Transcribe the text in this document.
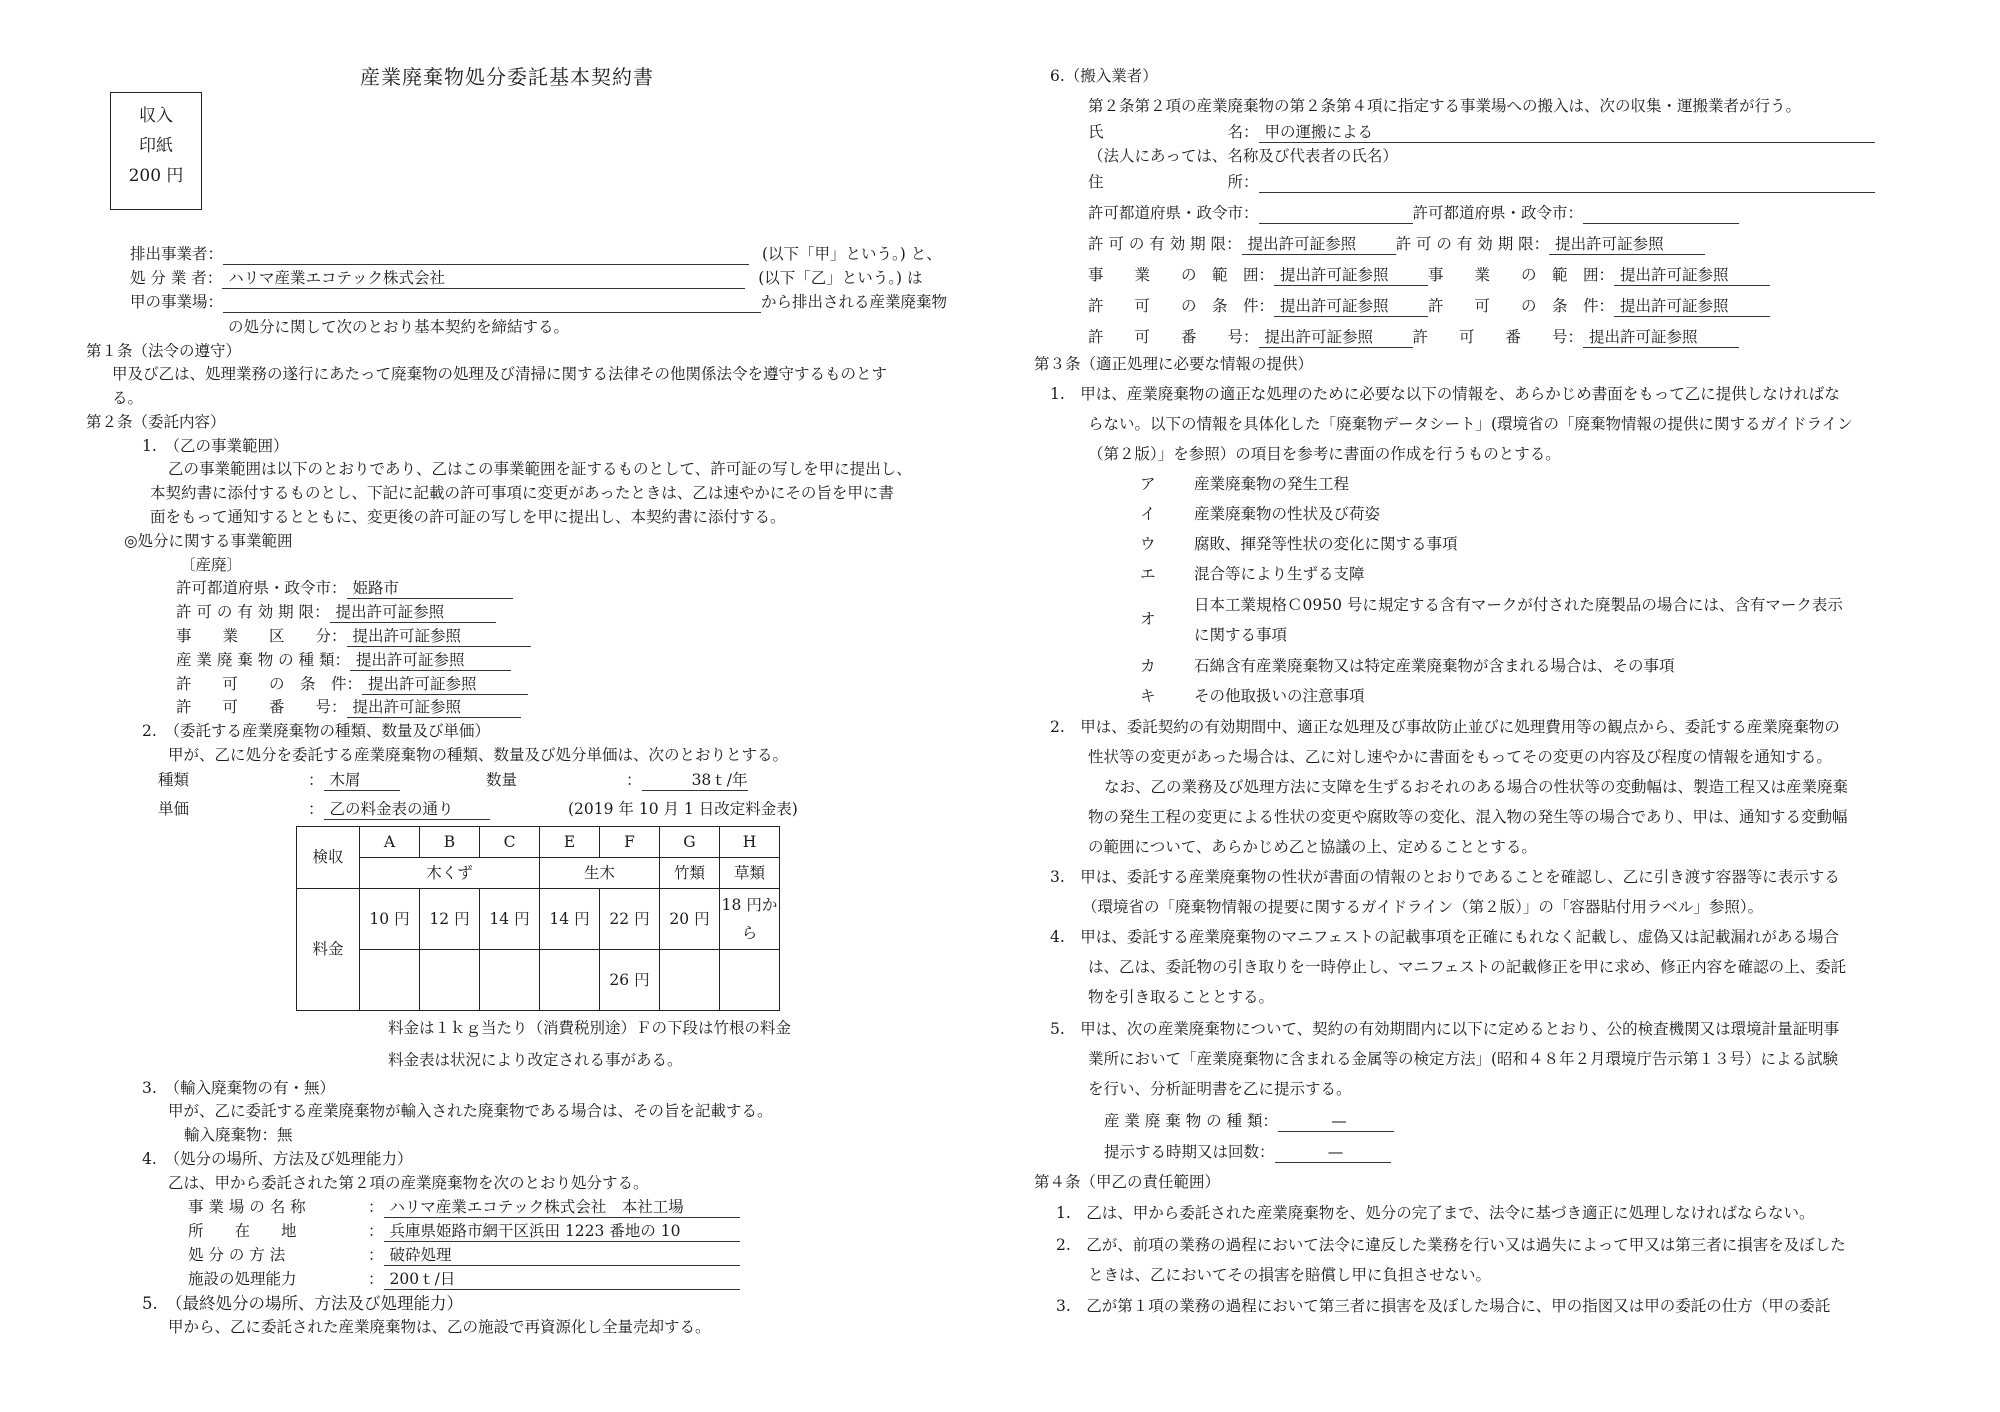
産業廃棄物処分委託基本契約書
収入
印紙
200 円
排出事業者：	(以下「甲」という。) と、
処 分 業 者： ハリマ産業エコテック株式会社	(以下「乙」という。) は
甲の事業場：	から排出される産業廃棄物
の処分に関して次のとおり基本契約を締結する。
第１条（法令の遵守）
甲及び乙は、処理業務の遂行にあたって廃棄物の処理及び清掃に関する法律その他関係法令を遵守するものとす
る。
第２条（委託内容）
1.　（乙の事業範囲）
乙の事業範囲は以下のとおりであり、乙はこの事業範囲を証するものとして、許可証の写しを甲に提出し、
本契約書に添付するものとし、下記に記載の許可事項に変更があったときは、乙は速やかにその旨を甲に書
面をもって通知するとともに、変更後の許可証の写しを甲に提出し、本契約書に添付する。
◎処分に関する事業範囲
〔産廃〕
許可都道府県・政令市： 姫路市
許 可 の 有 効 期 限： 提出許可証参照
事　　業　　区　　分： 提出許可証参照
産 業 廃 棄 物 の 種 類： 提出許可証参照
許　　可　　の　条　件： 提出許可証参照
許　　可　　番　　号： 提出許可証参照
2.　（委託する産業廃棄物の種類、数量及び単価）
甲が、乙に処分を委託する産業廃棄物の種類、数量及び処分単価は、次のとおりとする。
種類	： 木屑	数量	：	38ｔ/年
単価	： 乙の料金表の通り	(2019 年 10 月 1 日改定料金表)
検収	A	B	C	E	F	G	H
	木くず			生木		竹類	草類
料金	10 円	12 円	14 円	14 円	22 円	20 円	18 円から
					26 円		
料金は１ｋｇ当たり（消費税別途）Ｆの下段は竹根の料金
料金表は状況により改定される事がある。
3.　（輸入廃棄物の有・無）
甲が、乙に委託する産業廃棄物が輸入された廃棄物である場合は、その旨を記載する。
輸入廃棄物：無
4.　（処分の場所、方法及び処理能力）
乙は、甲から委託された第２項の産業廃棄物を次のとおり処分する。
事 業 場 の 名 称	： ハリマ産業エコテック株式会社　本社工場
所　　在　　地	： 兵庫県姫路市網干区浜田 1223 番地の 10
処 分 の 方 法	： 破砕処理
施設の処理能力	： 200ｔ/日
5.　（最終処分の場所、方法及び処理能力）
甲から、乙に委託された産業廃棄物は、乙の施設で再資源化し全量売却する。
6.（搬入業者）
第２条第２項の産業廃棄物の第２条第４項に指定する事業場への搬入は、次の収集・運搬業者が行う。
氏　　　　　　　　名： 甲の運搬による
（法人にあっては、名称及び代表者の氏名）
住　　　　　　　　所：
許可都道府県・政令市：	許可都道府県・政令市：
許 可 の 有 効 期 限： 提出許可証参照	許 可 の 有 効 期 限： 提出許可証参照
事　　業　　の　範　囲： 提出許可証参照	事　　業　　の　範　囲： 提出許可証参照
許　　可　　の　条　件： 提出許可証参照	許　　可　　の　条　件： 提出許可証参照
許　　可　　番　　号： 提出許可証参照	許　　可　　番　　号： 提出許可証参照
第３条（適正処理に必要な情報の提供）
1.　甲は、産業廃棄物の適正な処理のために必要な以下の情報を、あらかじめ書面をもって乙に提供しなければな
らない。以下の情報を具体化した「廃棄物データシート」(環境省の「廃棄物情報の提供に関するガイドライン
（第２版）」を参照）の項目を参考に書面の作成を行うものとする。
ア 産業廃棄物の発生工程
イ 産業廃棄物の性状及び荷姿
ウ 腐敗、揮発等性状の変化に関する事項
エ 混合等により生ずる支障
オ
日本工業規格Ｃ0950 号に規定する含有マークが付された廃製品の場合には、含有マーク表示
に関する事項
カ 石綿含有産業廃棄物又は特定産業廃棄物が含まれる場合は、その事項
キ その他取扱いの注意事項
2.　甲は、委託契約の有効期間中、適正な処理及び事故防止並びに処理費用等の観点から、委託する産業廃棄物の
性状等の変更があった場合は、乙に対し速やかに書面をもってその変更の内容及び程度の情報を通知する。
なお、乙の業務及び処理方法に支障を生ずるおそれのある場合の性状等の変動幅は、製造工程又は産業廃棄
物の発生工程の変更による性状の変更や腐敗等の変化、混入物の発生等の場合であり、甲は、通知する変動幅
の範囲について、あらかじめ乙と協議の上、定めることとする。
3.　甲は、委託する産業廃棄物の性状が書面の情報のとおりであることを確認し、乙に引き渡す容器等に表示する
（環境省の「廃棄物情報の提要に関するガイドライン（第２版）」の「容器貼付用ラベル」参照）。
4.　甲は、委託する産業廃棄物のマニフェストの記載事項を正確にもれなく記載し、虚偽又は記載漏れがある場合
は、乙は、委託物の引き取りを一時停止し、マニフェストの記載修正を甲に求め、修正内容を確認の上、委託
物を引き取ることとする。
5.　甲は、次の産業廃棄物について、契約の有効期間内に以下に定めるとおり、公的検査機関又は環境計量証明事
業所において「産業廃棄物に含まれる金属等の検定方法」(昭和４８年２月環境庁告示第１３号）による試験
を行い、分析証明書を乙に提示する。
産 業 廃 棄 物 の 種 類：	—
提示する時期又は回数：	—
第４条（甲乙の責任範囲）
1.　乙は、甲から委託された産業廃棄物を、処分の完了まで、法令に基づき適正に処理しなければならない。
2.　乙が、前項の業務の過程において法令に違反した業務を行い又は過失によって甲又は第三者に損害を及ぼした
ときは、乙においてその損害を賠償し甲に負担させない。
3.　乙が第１項の業務の過程において第三者に損害を及ぼした場合に、甲の指図又は甲の委託の仕方（甲の委託
